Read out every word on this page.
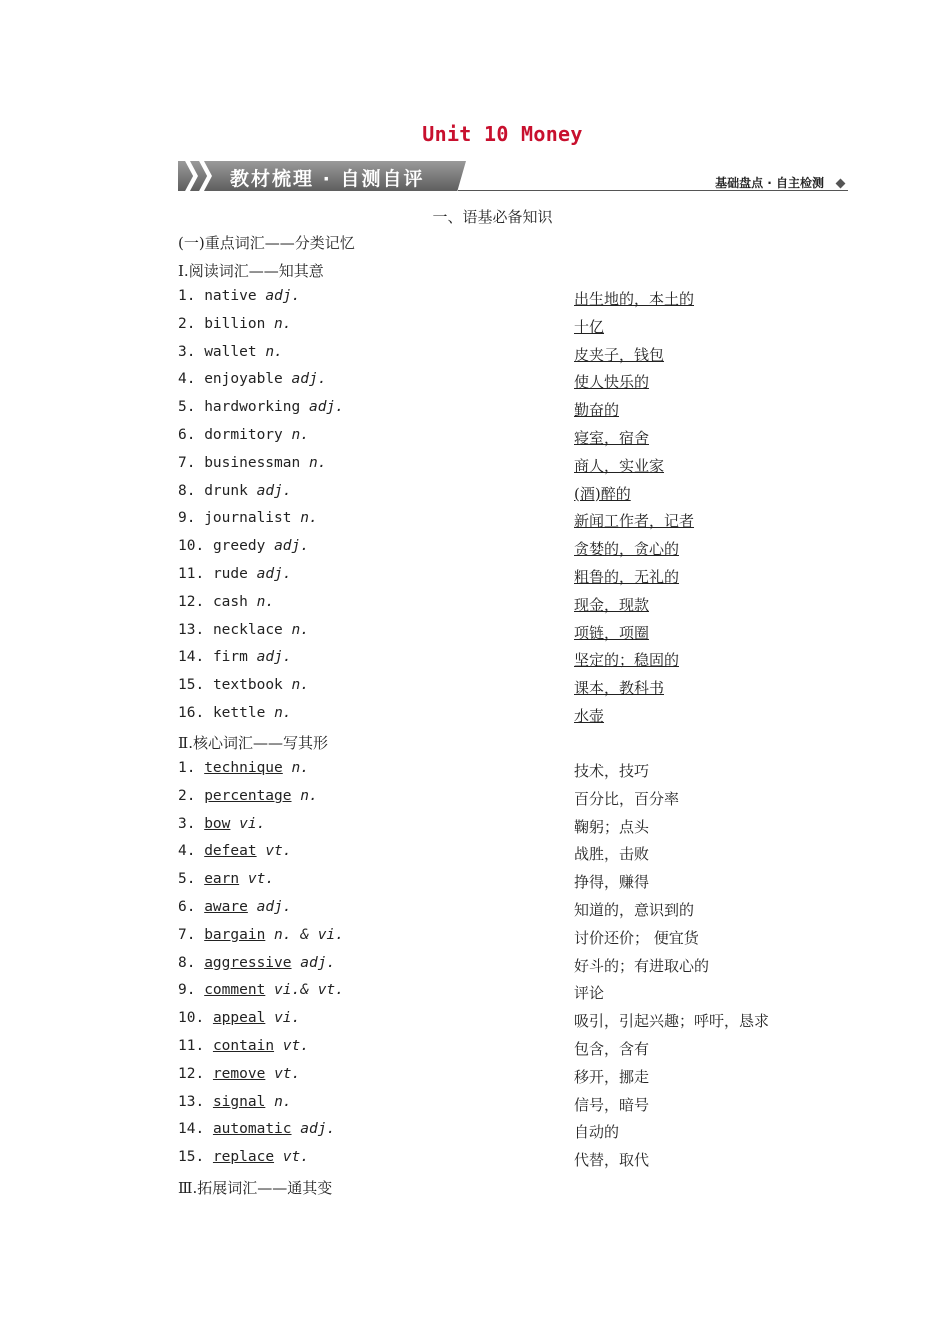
Unit 10 Money
教材梳理 · 自测自评	基础盘点 · 自主检测
一、语基必备知识
(一)重点词汇——分类记忆
Ⅰ.阅读词汇——知其意
1. native adj.	出生地的，本土的
2. billion n.	十亿
3. wallet n.	皮夹子，钱包
4. enjoyable adj.	使人快乐的
5. hardworking adj.	勤奋的
6. dormitory n.	寝室，宿舍
7. businessman n.	商人，实业家
8. drunk adj.	(酒)醉的
9. journalist n.	新闻工作者，记者
10. greedy adj.	贪婪的，贪心的
11. rude adj.	粗鲁的，无礼的
12. cash n.	现金，现款
13. necklace n.	项链，项圈
14. firm adj.	坚定的；稳固的
15. textbook n.	课本，教科书
16. kettle n.	水壶
Ⅱ.核心词汇——写其形
1. technique n.	技术，技巧
2. percentage n.	百分比，百分率
3. bow vi.	鞠躬；点头
4. defeat vt.	战胜，击败
5. earn vt.	挣得，赚得
6. aware adj.	知道的，意识到的
7. bargain n. & vi.	讨价还价； 便宜货
8. aggressive adj.	好斗的；有进取心的
9. comment vi.& vt.	评论
10. appeal vi.	吸引，引起兴趣；呼吁，恳求
11. contain vt.	包含，含有
12. remove vt.	移开，挪走
13. signal n.	信号，暗号
14. automatic adj.	自动的
15. replace vt.	代替，取代
Ⅲ.拓展词汇——通其变
